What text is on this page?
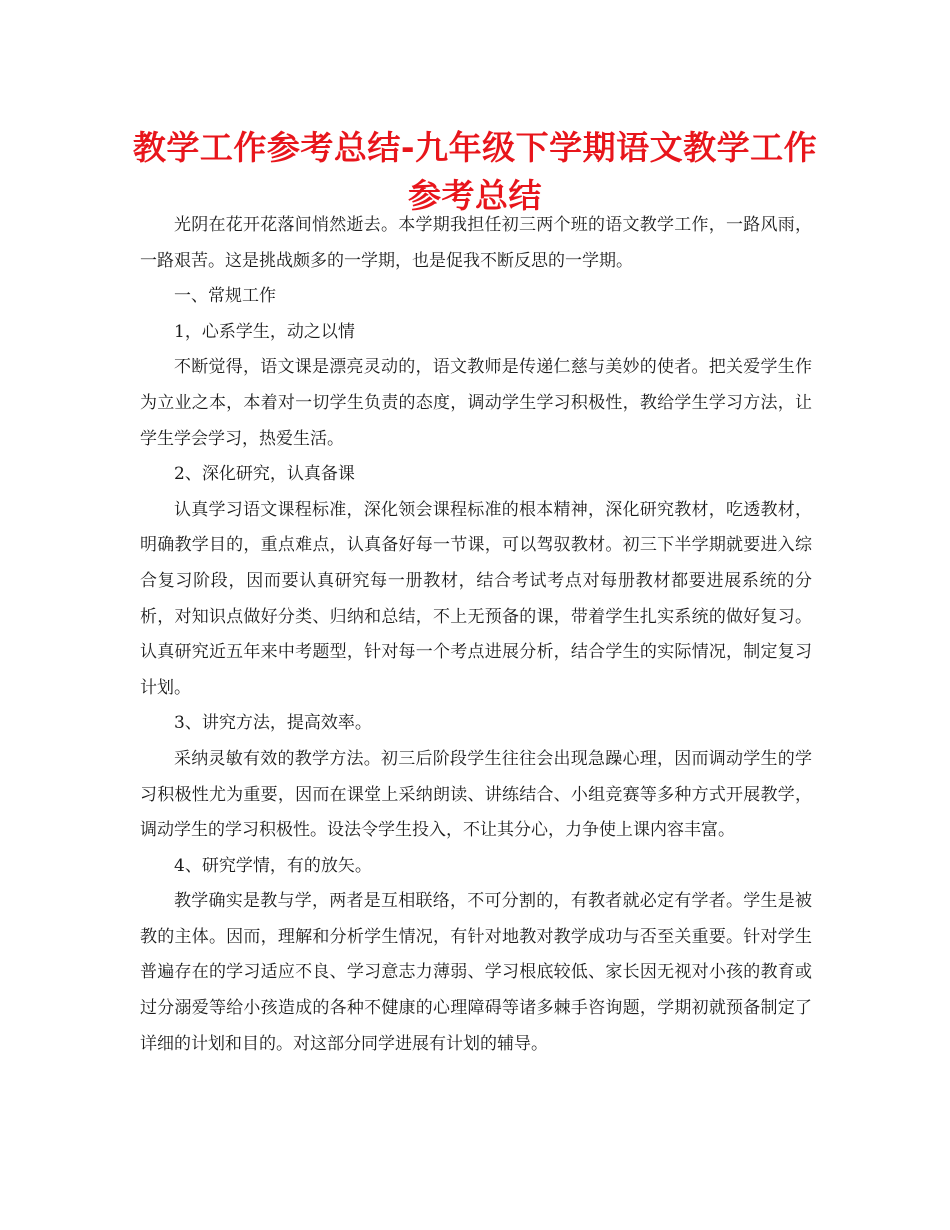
教学工作参考总结-九年级下学期语文教学工作参考总结

光阴在花开花落间悄然逝去。本学期我担任初三两个班的语文教学工作，一路风雨，一路艰苦。这是挑战颇多的一学期，也是促我不断反思的一学期。

一、常规工作

1，心系学生，动之以情

不断觉得，语文课是漂亮灵动的，语文教师是传递仁慈与美妙的使者。把关爱学生作为立业之本，本着对一切学生负责的态度，调动学生学习积极性，教给学生学习方法，让学生学会学习，热爱生活。

2、深化研究，认真备课

认真学习语文课程标准，深化领会课程标准的根本精神，深化研究教材，吃透教材，明确教学目的，重点难点，认真备好每一节课，可以驾驭教材。初三下半学期就要进入综合复习阶段，因而要认真研究每一册教材，结合考试考点对每册教材都要进展系统的分析，对知识点做好分类、归纳和总结，不上无预备的课，带着学生扎实系统的做好复习。认真研究近五年来中考题型，针对每一个考点进展分析，结合学生的实际情况，制定复习计划。

3、讲究方法，提高效率。

采纳灵敏有效的教学方法。初三后阶段学生往往会出现急躁心理，因而调动学生的学习积极性尤为重要，因而在课堂上采纳朗读、讲练结合、小组竞赛等多种方式开展教学，调动学生的学习积极性。设法令学生投入，不让其分心，力争使上课内容丰富。

4、研究学情，有的放矢。

教学确实是教与学，两者是互相联络，不可分割的，有教者就必定有学者。学生是被教的主体。因而，理解和分析学生情况，有针对地教对教学成功与否至关重要。针对学生普遍存在的学习适应不良、学习意志力薄弱、学习根底较低、家长因无视对小孩的教育或过分溺爱等给小孩造成的各种不健康的心理障碍等诸多棘手咨询题，学期初就预备制定了详细的计划和目的。对这部分同学进展有计划的辅导。
